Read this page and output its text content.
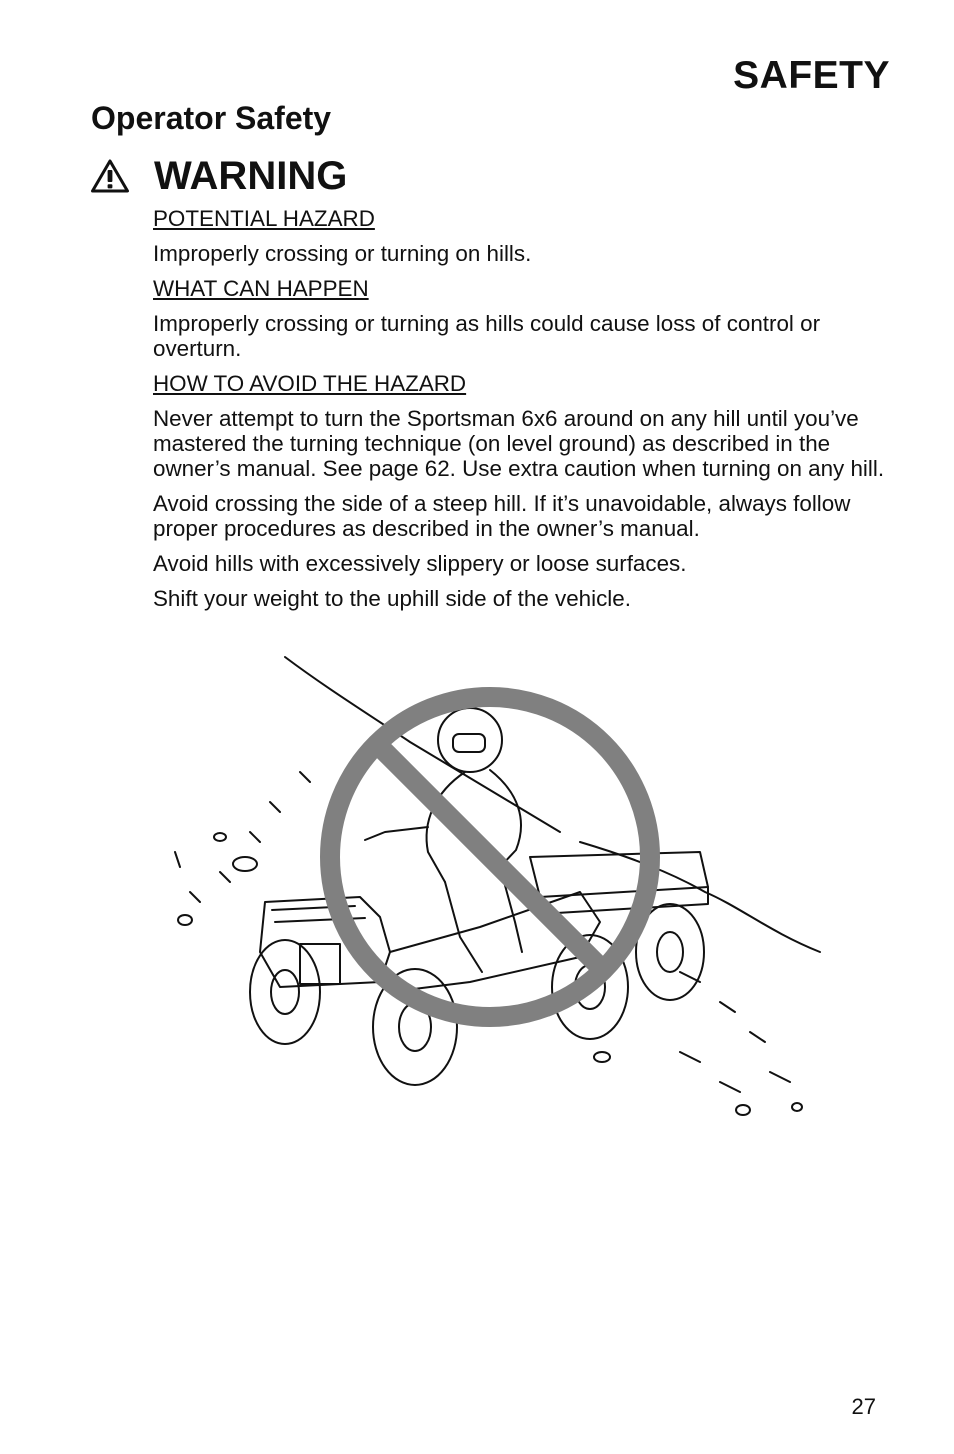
SAFETY
Operator Safety
WARNING

POTENTIAL HAZARD

Improperly crossing or turning on hills.

WHAT CAN HAPPEN

Improperly crossing or turning as hills could cause loss of control or overturn.

HOW TO AVOID THE HAZARD

Never attempt to turn the Sportsman 6x6 around on any hill until you’ve mastered the turning technique (on level ground) as described in the owner’s manual. See page 62. Use extra caution when turning on any hill.

Avoid crossing the side of a steep hill. If it’s unavoidable, always follow proper procedures as described in the owner’s manual.

Avoid hills with excessively slippery or loose surfaces.

Shift your weight to the uphill side of the vehicle.

27
